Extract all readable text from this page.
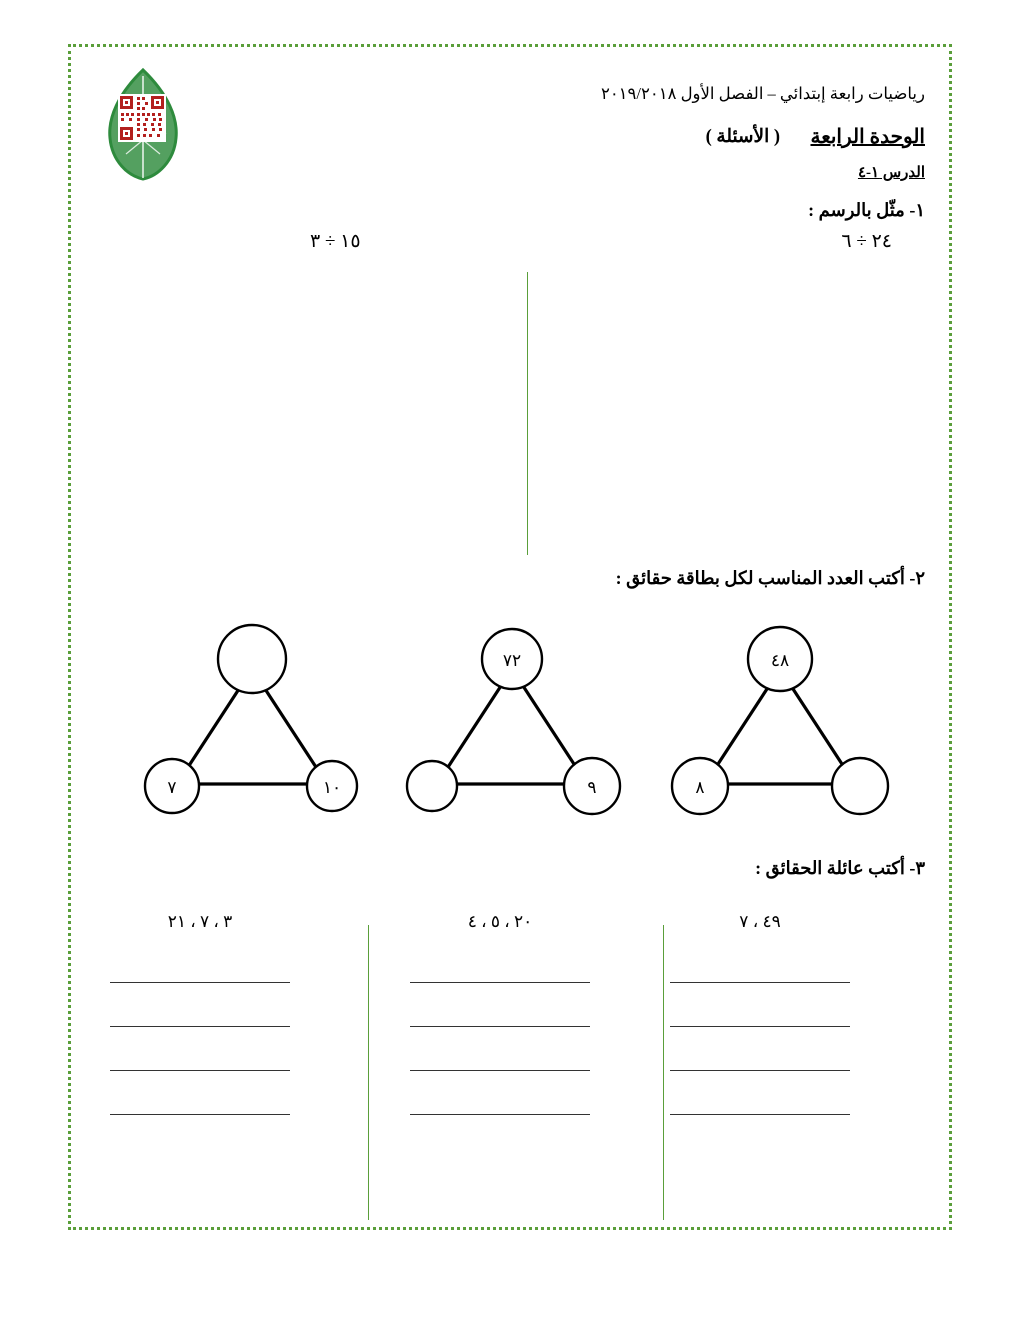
رياضيات رابعة إبتدائي – الفصل الأول ٢٠١٩/٢٠١٨
الوحدة الرابعة
( الأسئلة )
الدرس ١-٤
١- مثّل بالرسم :
٢٤ ÷ ٦
١٥ ÷ ٣
٢- أكتب العدد المناسب لكل بطاقة حقائق :
٤٨
٨
٧٢
٩
٧	١٠
٣- أكتب عائلة الحقائق :
٣ ، ٧ ، ٢١	٢٠ ، ٥ ، ٤	٤٩ ، ٧
